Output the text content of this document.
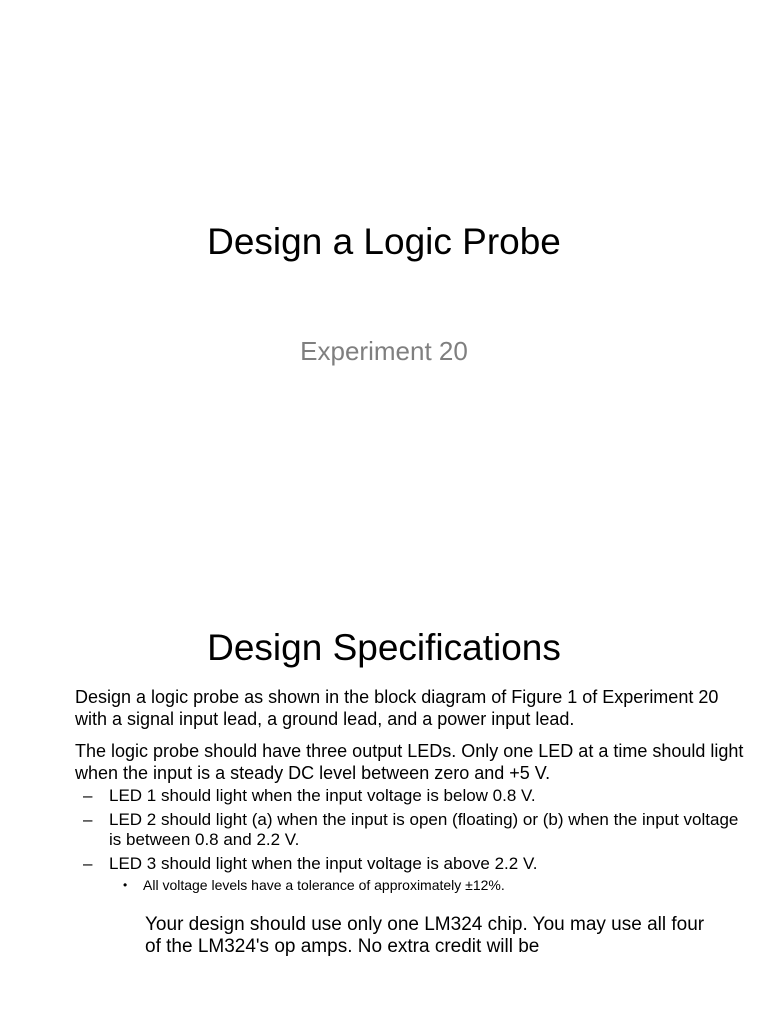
Design a Logic Probe
Experiment 20
Design Specifications

Design a logic probe as shown in the block diagram of Figure 1 of Experiment 20 with a signal input lead, a ground lead, and a power input lead.

The logic probe should have three output LEDs. Only one LED at a time should light when the input is a steady DC level between zero and +5 V.

– LED 1 should light when the input voltage is below 0.8 V.
– LED 2 should light (a) when the input is open (floating) or (b) when the input voltage is between 0.8 and 2.2 V.
– LED 3 should light when the input voltage is above 2.2 V.
• All voltage levels have a tolerance of approximately ±12%.

Your design should use only one LM324 chip. You may use all four of the LM324's op amps. No extra credit will be
